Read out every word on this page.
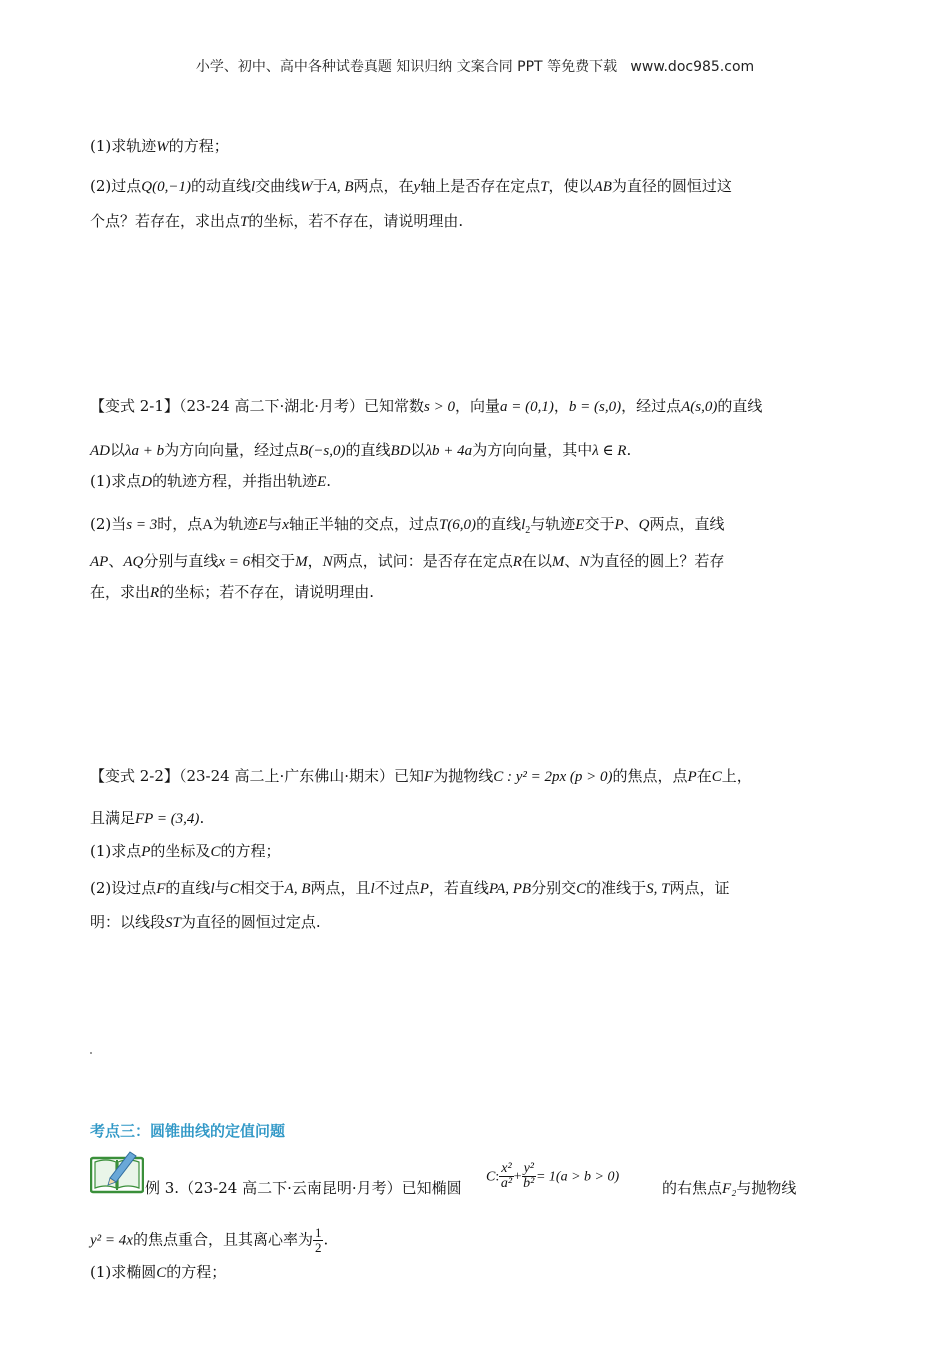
小学、初中、高中各种试卷真题 知识归纳 文案合同 PPT 等免费下载   www.doc985.com
(1)求轨迹W的方程；
(2)过点Q(0,−1)的动直线l交曲线W于A, B两点，在y轴上是否存在定点T，使以AB为直径的圆恒过这
个点？若存在，求出点T的坐标，若不存在，请说明理由.
【变式 2-1】（23-24 高二下·湖北·月考）已知常数s > 0，向量a = (0,1)，b = (s,0)，经过点A(s,0)的直线
AD以λa + b为方向向量，经过点B(−s,0)的直线BD以λb + 4a为方向向量，其中λ ∈ R.
(1)求点D的轨迹方程，并指出轨迹E.
(2)当s = 3时，点A为轨迹E与x轴正半轴的交点，过点T(6,0)的直线$l_2$与轨迹E交于P、Q两点，直线
AP、AQ分别与直线x = 6相交于M，N两点，试问：是否存在定点R在以M、N为直径的圆上？若存
在，求出R的坐标；若不存在，请说明理由.
【变式 2-2】（23-24 高二上·广东佛山·期末）已知F为抛物线C : y² = 2px (p > 0)的焦点，点P在C上，
且满足FP = (3,4).
(1)求点P的坐标及C的方程；
(2)设过点F的直线l与C相交于A, B两点，且l不过点P，若直线PA, PB分别交C的准线于S, T两点，证
明：以线段ST为直径的圆恒过定点.
考点三：圆锥曲线的定值问题
例 3.（23-24 高二下·云南昆明·月考）已知椭圆
C: $\frac{\text{x²}}{\text{a²}} + \frac{\text{y²}}{\text{b²}} = 1(a > b > 0)$
的右焦点F₂与抛物线
y² = 4x的焦点重合，且其离心率为 $\frac{1}{2}$ .
(1)求椭圆C的方程；
